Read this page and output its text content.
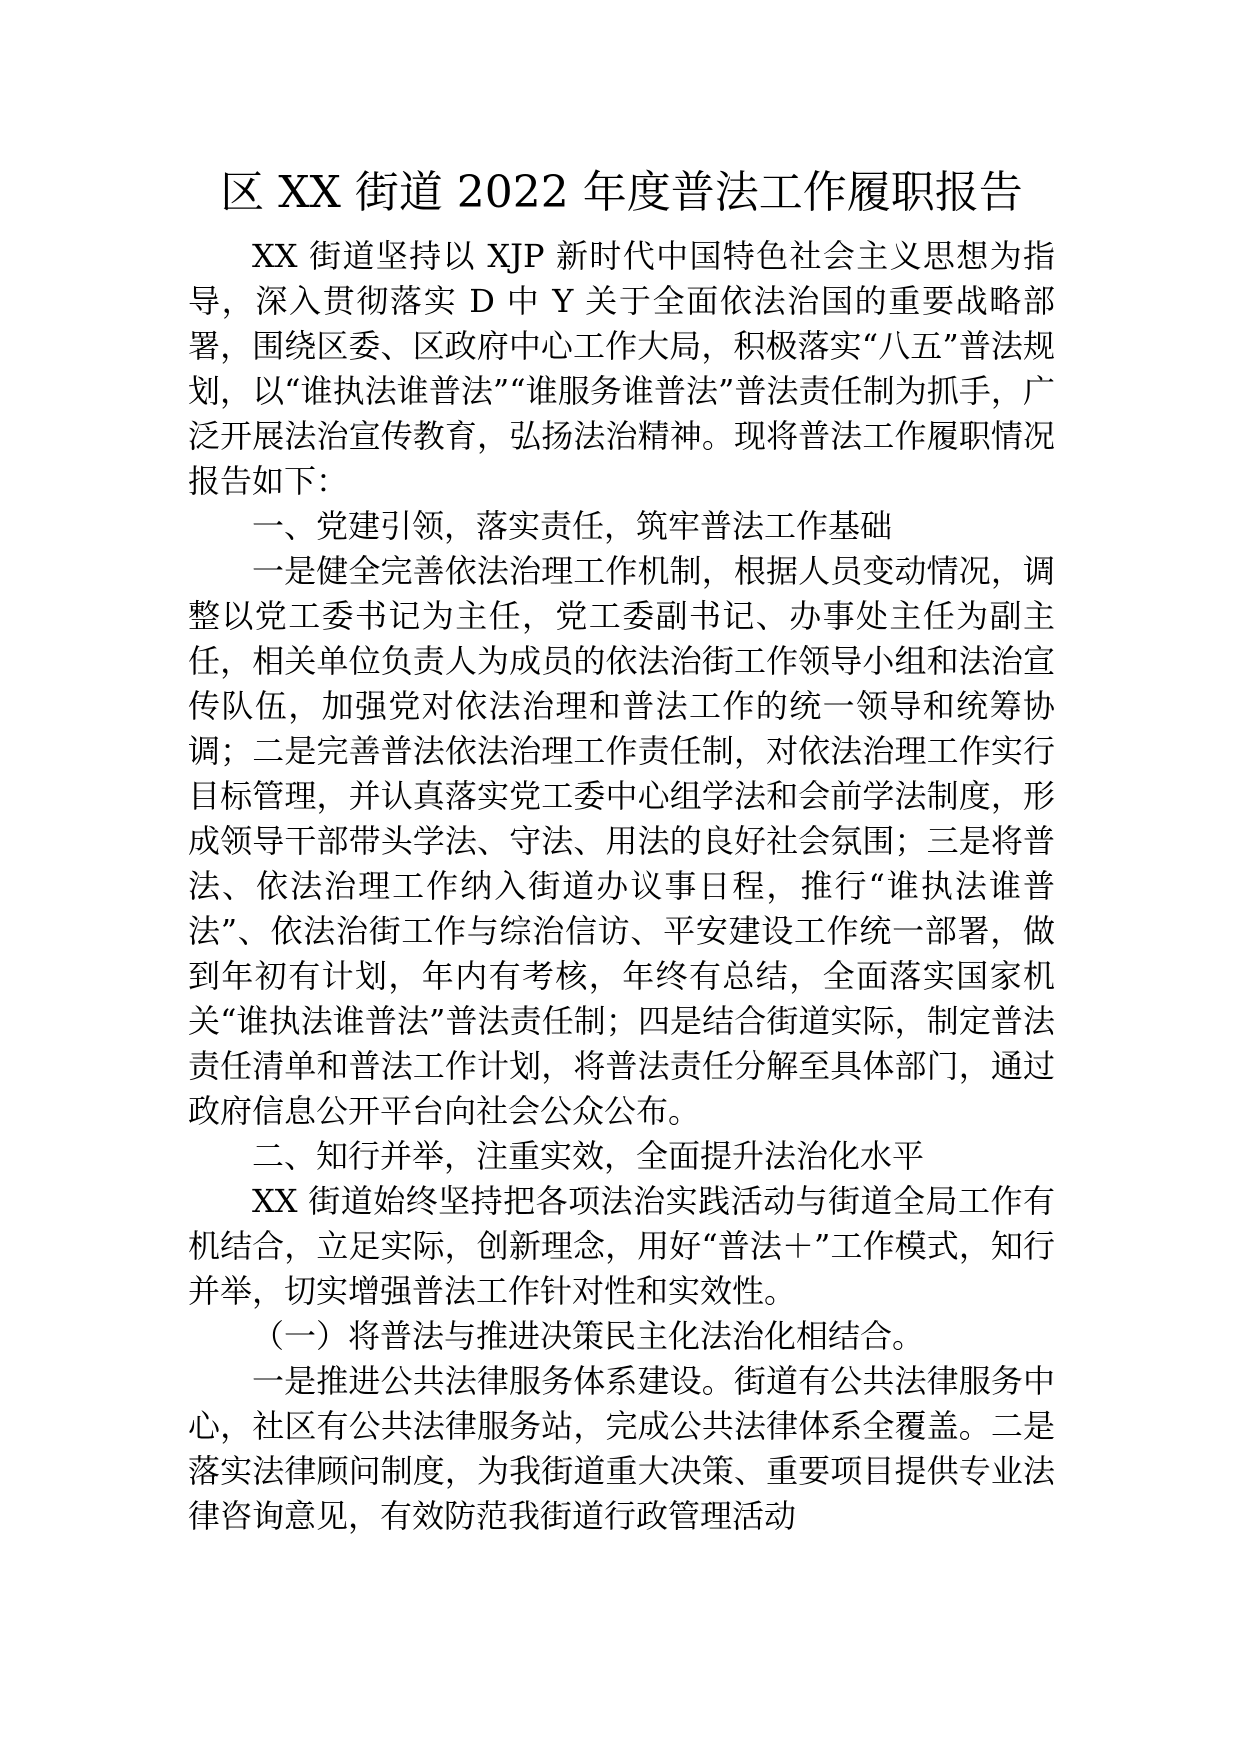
区 XX 街道 2022 年度普法工作履职报告

XX 街道坚持以 XJP 新时代中国特色社会主义思想为指导，深入贯彻落实 D 中 Y 关于全面依法治国的重要战略部署，围绕区委、区政府中心工作大局，积极落实“八五”普法规划，以“谁执法谁普法”“谁服务谁普法”普法责任制为抓手，广泛开展法治宣传教育，弘扬法治精神。现将普法工作履职情况报告如下：

一、党建引领，落实责任，筑牢普法工作基础

一是健全完善依法治理工作机制，根据人员变动情况，调整以党工委书记为主任，党工委副书记、办事处主任为副主任，相关单位负责人为成员的依法治街工作领导小组和法治宣传队伍，加强党对依法治理和普法工作的统一领导和统筹协调；二是完善普法依法治理工作责任制，对依法治理工作实行目标管理，并认真落实党工委中心组学法和会前学法制度，形成领导干部带头学法、守法、用法的良好社会氛围；三是将普法、依法治理工作纳入街道办议事日程，推行“谁执法谁普法”、依法治街工作与综治信访、平安建设工作统一部署，做到年初有计划，年内有考核，年终有总结，全面落实国家机关“谁执法谁普法”普法责任制；四是结合街道实际，制定普法责任清单和普法工作计划，将普法责任分解至具体部门，通过政府信息公开平台向社会公众公布。

二、知行并举，注重实效，全面提升法治化水平

XX 街道始终坚持把各项法治实践活动与街道全局工作有机结合，立足实际，创新理念，用好“普法＋”工作模式，知行并举，切实增强普法工作针对性和实效性。

（一）将普法与推进决策民主化法治化相结合。

一是推进公共法律服务体系建设。街道有公共法律服务中心，社区有公共法律服务站，完成公共法律体系全覆盖。二是落实法律顾问制度，为我街道重大决策、重要项目提供专业法律咨询意见，有效防范我街道行政管理活动
